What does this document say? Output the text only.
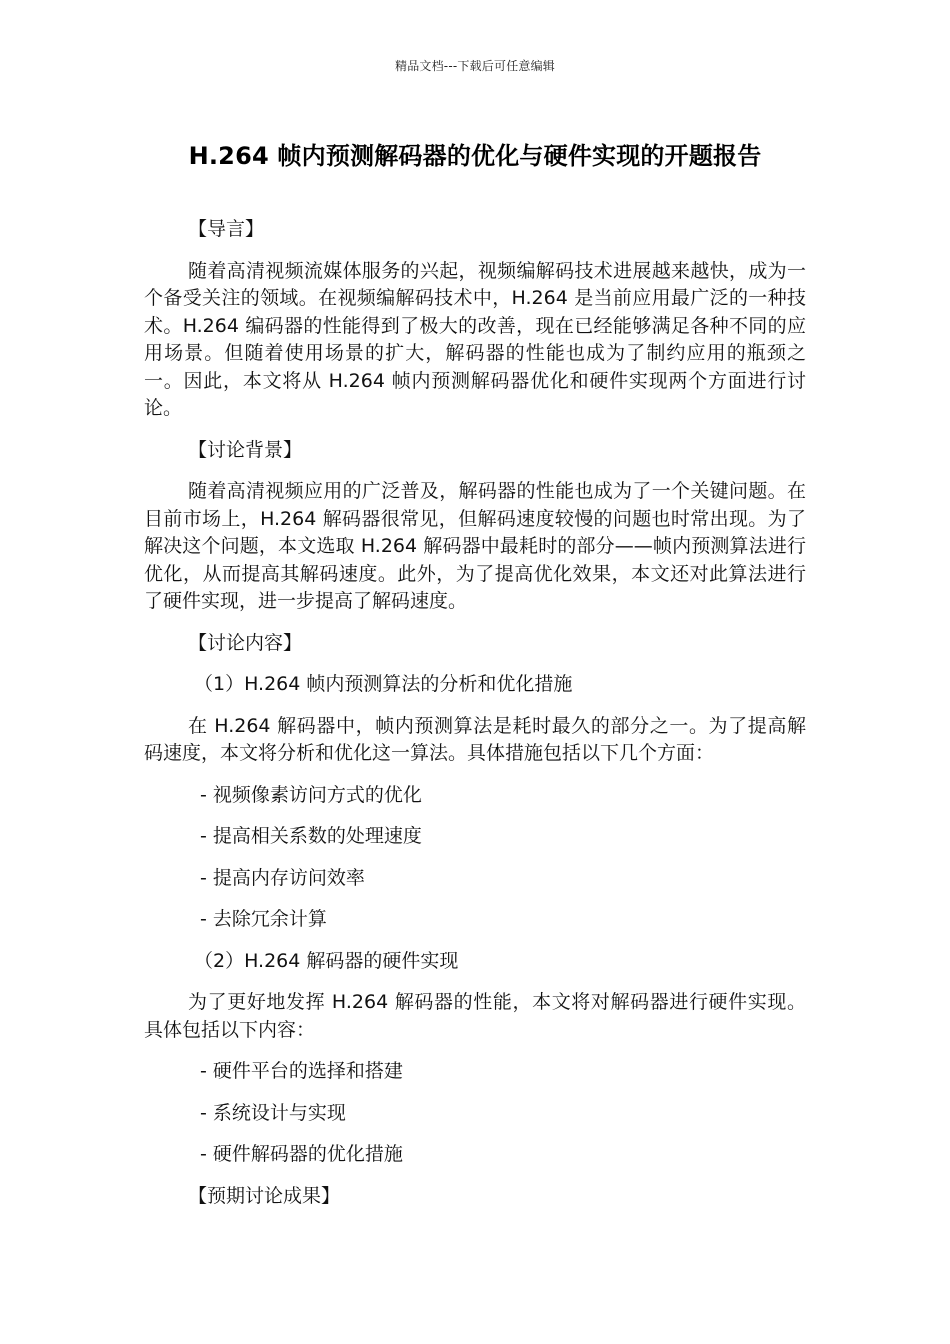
精品文档---下载后可任意编辑
H.264 帧内预测解码器的优化与硬件实现的开题报告

【导言】

随着高清视频流媒体服务的兴起，视频编解码技术进展越来越快，成为一个备受关注的领域。在视频编解码技术中，H.264 是当前应用最广泛的一种技术。H.264 编码器的性能得到了极大的改善，现在已经能够满足各种不同的应用场景。但随着使用场景的扩大，解码器的性能也成为了制约应用的瓶颈之一。因此，本文将从 H.264 帧内预测解码器优化和硬件实现两个方面进行讨论。

【讨论背景】

随着高清视频应用的广泛普及，解码器的性能也成为了一个关键问题。在目前市场上，H.264 解码器很常见，但解码速度较慢的问题也时常出现。为了解决这个问题，本文选取 H.264 解码器中最耗时的部分——帧内预测算法进行优化，从而提高其解码速度。此外，为了提高优化效果，本文还对此算法进行了硬件实现，进一步提高了解码速度。

【讨论内容】

（1）H.264 帧内预测算法的分析和优化措施

在 H.264 解码器中，帧内预测算法是耗时最久的部分之一。为了提高解码速度，本文将分析和优化这一算法。具体措施包括以下几个方面：

- 视频像素访问方式的优化

- 提高相关系数的处理速度

- 提高内存访问效率

- 去除冗余计算

（2）H.264 解码器的硬件实现

为了更好地发挥 H.264 解码器的性能，本文将对解码器进行硬件实现。具体包括以下内容：

- 硬件平台的选择和搭建

- 系统设计与实现

- 硬件解码器的优化措施

【预期讨论成果】
